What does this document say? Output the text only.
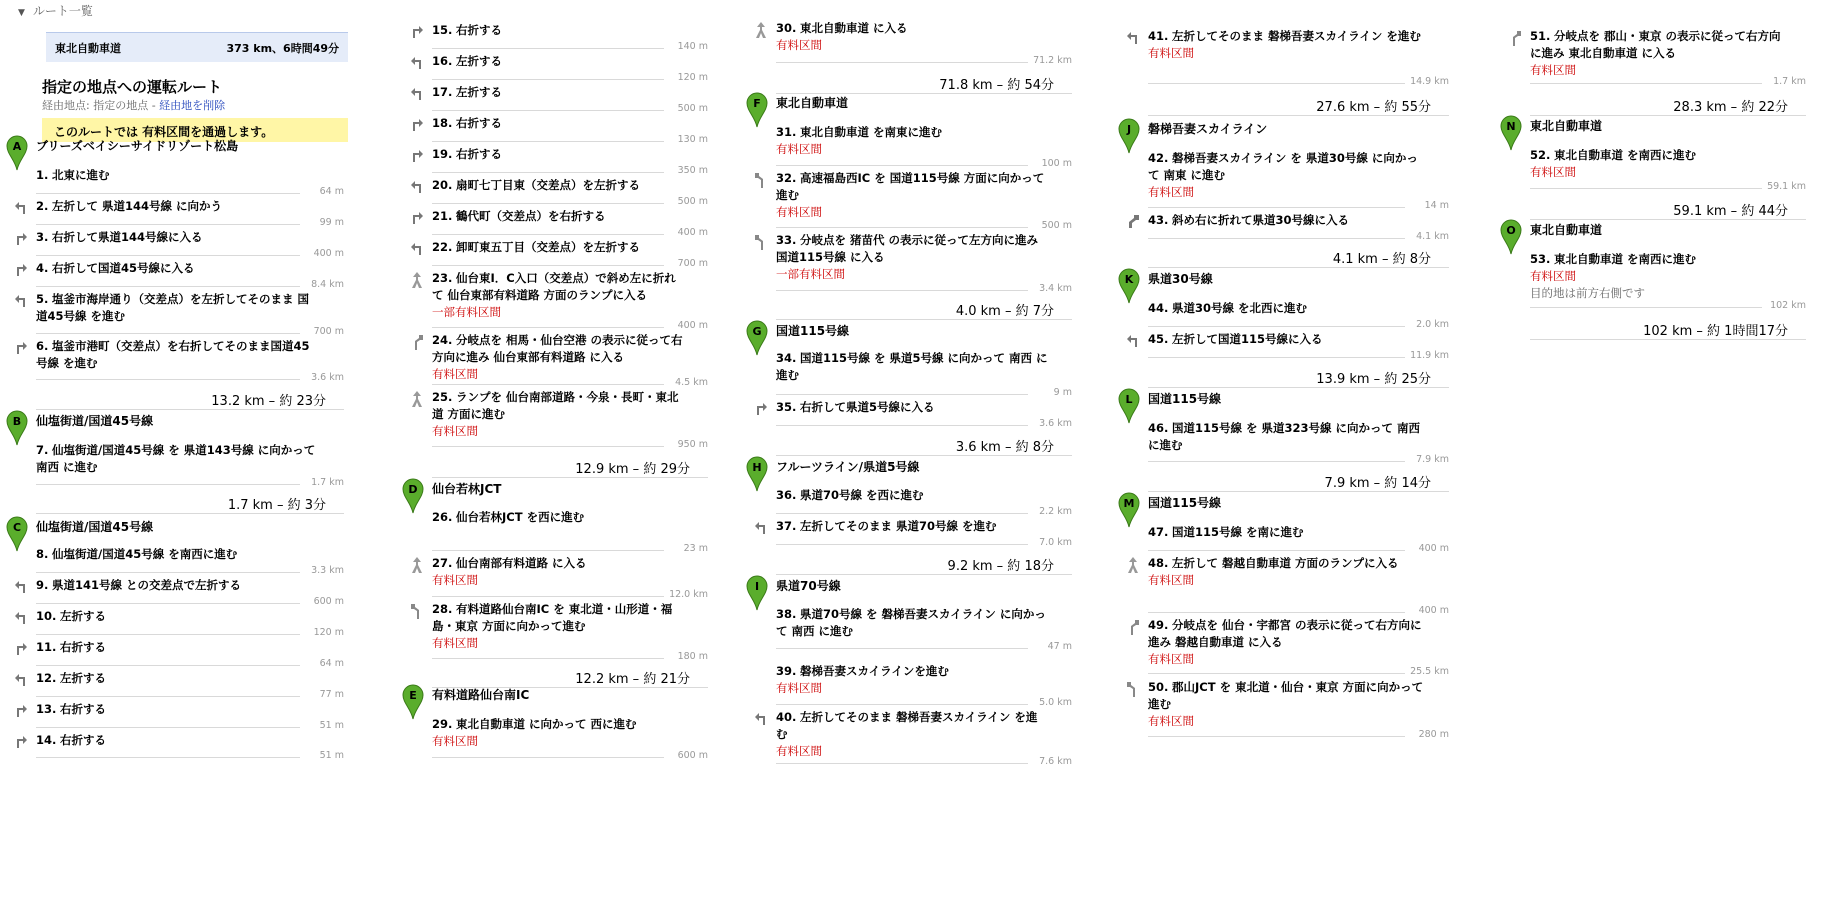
▼ ルート一覧
東北自動車道	373 km、6時間49分
指定の地点への運転ルート
経由地点: 指定の地点 - 経由地を削除
このルートでは 有料区間を通過します。
A ブリーズベイシーサイドリゾート松島
B 仙塩街道/国道45号線
C 仙塩街道/国道45号線
D 仙台若林JCT
E 有料道路仙台南IC
F 東北自動車道
G 国道115号線
H フルーツライン/県道5号線
I 県道70号線
J 磐梯吾妻スカイライン
K 県道30号線
L 国道115号線
M 国道115号線
N 東北自動車道
O 東北自動車道
1. 北東に進む
64 m
2. 左折して 県道144号線 に向かう
99 m
3. 右折して県道144号線に入る
400 m
4. 右折して国道45号線に入る
8.4 km
5. 塩釜市海岸通り（交差点）を左折してそのまま 国道45号線 を進む
700 m
6. 塩釜市港町（交差点）を右折してそのまま国道45号線 を進む
3.6 km
7. 仙塩街道/国道45号線 を 県道143号線 に向かって 南西 に進む
1.7 km
8. 仙塩街道/国道45号線 を南西に進む
3.3 km
9. 県道141号線 との交差点で左折する
600 m
10. 左折する
120 m
11. 右折する
64 m
12. 左折する
77 m
13. 右折する
51 m
14. 右折する
51 m
15. 右折する
140 m
16. 左折する
120 m
17. 左折する
500 m
18. 右折する
130 m
19. 右折する
350 m
20. 扇町七丁目東（交差点）を左折する
500 m
21. 鶴代町（交差点）を右折する
400 m
22. 卸町東五丁目（交差点）を左折する
700 m
23. 仙台東I．C入口（交差点）で斜め左に折れて 仙台東部有料道路 方面のランプに入る
一部有料区間
400 m
24. 分岐点を 相馬・仙台空港 の表示に従って右方向に進み 仙台東部有料道路 に入る
有料区間
4.5 km
25. ランプを 仙台南部道路・今泉・長町・東北道 方面に進む
有料区間
950 m
26. 仙台若林JCT を西に進む
23 m
27. 仙台南部有料道路 に入る
有料区間
12.0 km
28. 有料道路仙台南IC を 東北道・山形道・福島・東京 方面に向かって進む
有料区間
180 m
29. 東北自動車道 に向かって 西に進む
有料区間
600 m
30. 東北自動車道 に入る
有料区間
71.2 km
31. 東北自動車道 を南東に進む
有料区間
100 m
32. 高速福島西IC を 国道115号線 方面に向かって進む
有料区間
500 m
33. 分岐点を 猪苗代 の表示に従って左方向に進み 国道115号線 に入る
一部有料区間
3.4 km
34. 国道115号線 を 県道5号線 に向かって 南西 に進む
9 m
35. 右折して県道5号線に入る
3.6 km
36. 県道70号線 を西に進む
2.2 km
37. 左折してそのまま 県道70号線 を進む
7.0 km
38. 県道70号線 を 磐梯吾妻スカイライン に向かって 南西 に進む
47 m
39. 磐梯吾妻スカイラインを進む
有料区間
5.0 km
40. 左折してそのまま 磐梯吾妻スカイライン を進む
有料区間
7.6 km
41. 左折してそのまま 磐梯吾妻スカイライン を進む
有料区間
14.9 km
42. 磐梯吾妻スカイライン を 県道30号線 に向かって 南東 に進む
有料区間
14 m
43. 斜め右に折れて県道30号線に入る
4.1 km
44. 県道30号線 を北西に進む
2.0 km
45. 左折して国道115号線に入る
11.9 km
46. 国道115号線 を 県道323号線 に向かって 南西 に進む
7.9 km
47. 国道115号線 を南に進む
400 m
48. 左折して 磐越自動車道 方面のランプに入る
有料区間
400 m
49. 分岐点を 仙台・宇都宮 の表示に従って右方向に進み 磐越自動車道 に入る
有料区間
25.5 km
50. 郡山JCT を 東北道・仙台・東京 方面に向かって進む
有料区間
280 m
51. 分岐点を 郡山・東京 の表示に従って右方向に進み 東北自動車道 に入る
有料区間
1.7 km
52. 東北自動車道 を南西に進む
有料区間
59.1 km
53. 東北自動車道 を南西に進む
有料区間
目的地は前方右側です
102 km
13.2 km – 約 23分
1.7 km – 約 3分
12.9 km – 約 29分
12.2 km – 約 21分
71.8 km – 約 54分
4.0 km – 約 7分
3.6 km – 約 8分
9.2 km – 約 18分
27.6 km – 約 55分
4.1 km – 約 8分
13.9 km – 約 25分
7.9 km – 約 14分
28.3 km – 約 22分
59.1 km – 約 44分
102 km – 約 1時間17分
